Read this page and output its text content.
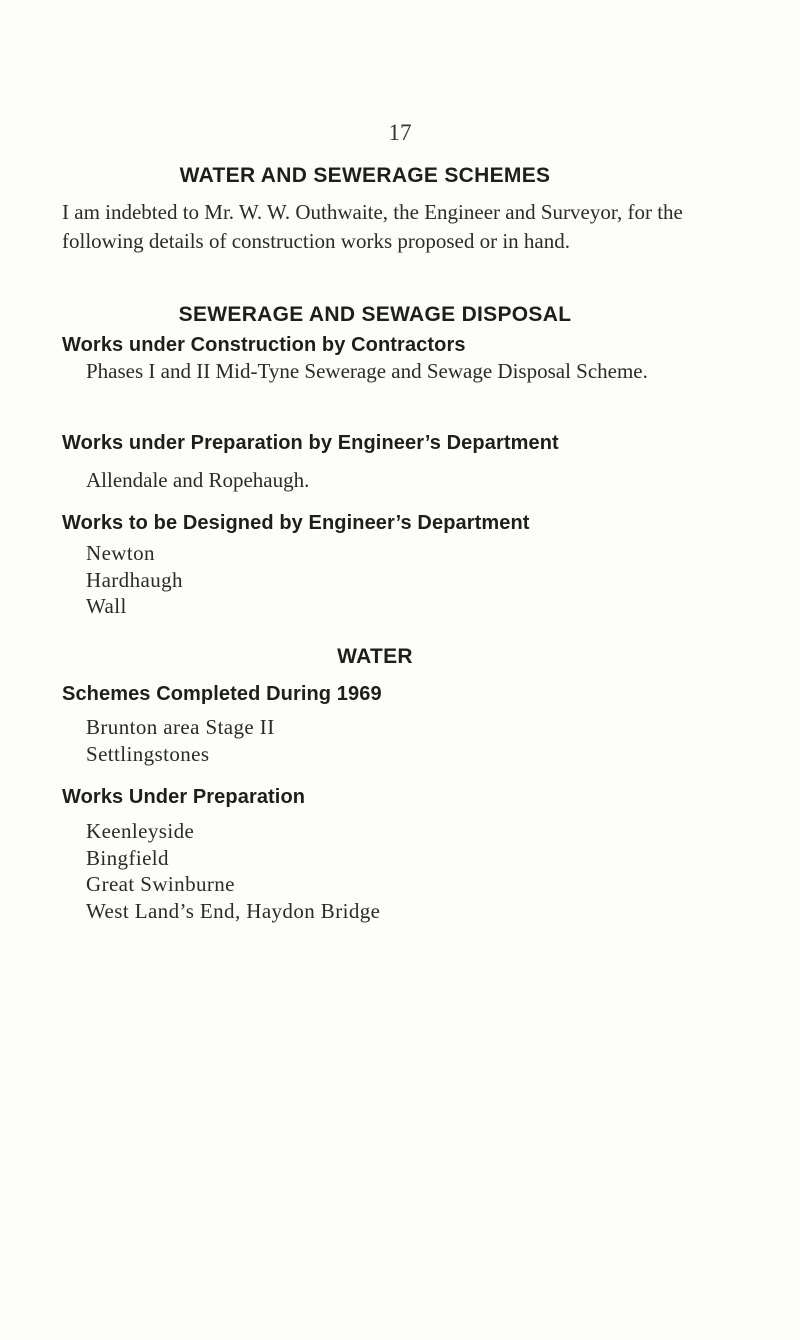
17
WATER AND SEWERAGE SCHEMES

I am indebted to Mr. W. W. Outhwaite, the Engineer and Surveyor, for the following details of construction works proposed or in hand.

SEWERAGE AND SEWAGE DISPOSAL
Works under Construction by Contractors

Phases I and II Mid-Tyne Sewerage and Sewage Disposal Scheme.

Works under Preparation by Engineer’s Department

Allendale and Ropehaugh.

Works to be Designed by Engineer’s Department
Newton
Hardhaugh
Wall
WATER
Schemes Completed During 1969
Brunton area Stage II
Settlingstones
Works Under Preparation
Keenleyside
Bingfield
Great Swinburne
West Land’s End, Haydon Bridge
